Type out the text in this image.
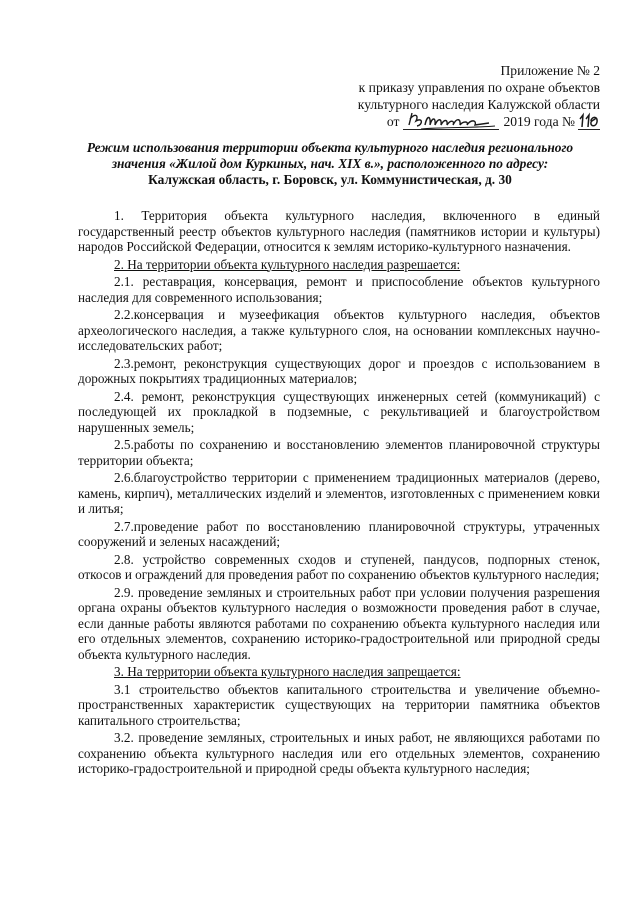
Приложение № 2
к приказу управления по охране объектов
культурного наследия Калужской области
от	2019 года №
Режим использования территории объекта культурного наследия регионального
значения «Жилой дом Куркиных, нач. XIX в.», расположенного по адресу:
Калужская область, г. Боровск, ул. Коммунистическая, д. 30

1. Территория объекта культурного наследия, включенного в единый государственный реестр объектов культурного наследия (памятников истории и культуры) народов Российской Федерации, относится к землям историко-культурного назначения.

2. На территории объекта культурного наследия разрешается:

2.1. реставрация, консервация, ремонт и приспособление объектов культурного наследия для современного использования;

2.2.консервация и музеефикация объектов культурного наследия, объектов археологического наследия, а также культурного слоя, на основании комплексных научно-исследовательских работ;

2.3.ремонт, реконструкция существующих дорог и проездов с использованием в дорожных покрытиях традиционных материалов;

2.4. ремонт, реконструкция существующих инженерных сетей (коммуникаций) с последующей их прокладкой в подземные, с рекультивацией и благоустройством нарушенных земель;

2.5.работы по сохранению и восстановлению элементов планировочной структуры территории объекта;

2.6.благоустройство территории с применением традиционных материалов (дерево, камень, кирпич), металлических изделий и элементов, изготовленных с применением ковки и литья;

2.7.проведение работ по восстановлению планировочной структуры, утраченных сооружений и зеленых насаждений;

2.8. устройство современных сходов и ступеней, пандусов, подпорных стенок, откосов и ограждений для проведения работ по сохранению объектов культурного наследия;

2.9. проведение земляных и строительных работ при условии получения разрешения органа охраны объектов культурного наследия о возможности проведения работ в случае, если данные работы являются работами по сохранению объекта культурного наследия или его отдельных элементов, сохранению историко-градостроительной или природной среды объекта культурного наследия.

3. На территории объекта культурного наследия запрещается:

3.1 строительство объектов капитального строительства и увеличение объемно-пространственных характеристик существующих на территории памятника объектов капитального строительства;

3.2. проведение земляных, строительных и иных работ, не являющихся работами по сохранению объекта культурного наследия или его отдельных элементов, сохранению историко-градостроительной и природной среды объекта культурного наследия;
